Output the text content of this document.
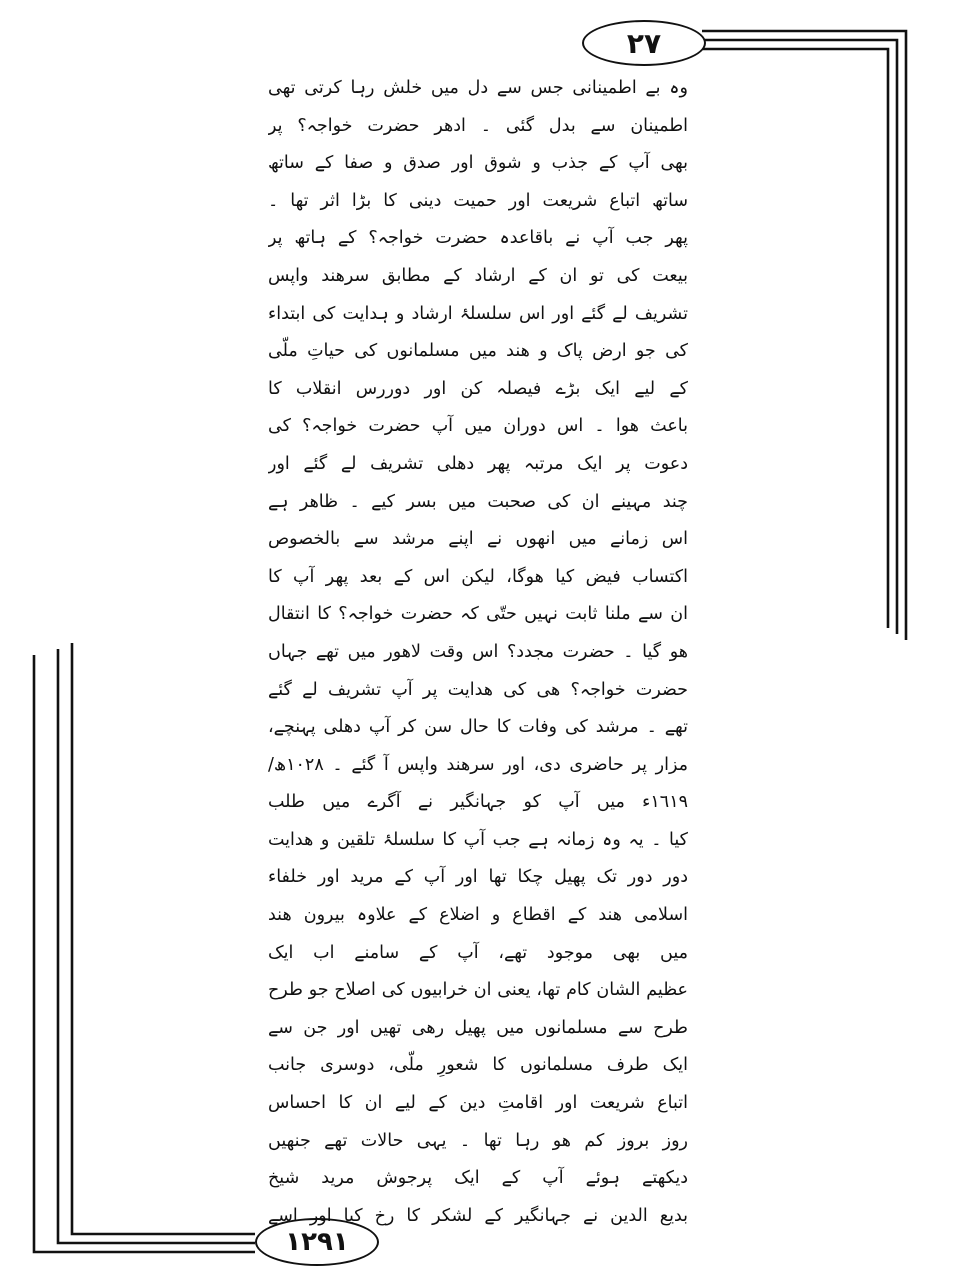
٢٧
١٢٩١
وہ بے اطمینانی جس سے دل میں خلش رہا کرتی تھی
اطمینان سے بدل گئی ۔ ادھر حضرت خواجہ؟ پر
بھی آپ کے جذب و شوق اور صدق و صفا کے ساتھ
ساتھ اتباع شریعت اور حمیت دینی کا بڑا اثر تھا ۔
پھر جب آپ نے باقاعدہ حضرت خواجہ؟ کے ہاتھ پر
بیعت کی تو ان کے ارشاد کے مطابق سرھند واپس
تشریف لے گئے اور اس سلسلۂ ارشاد و ہدایت کی ابتداء
کی جو ارض پاک و ھند میں مسلمانوں کی حیاتِ ملّی
کے لیے ایک بڑے فیصلہ کن اور دوررس انقلاب کا
باعث ھوا ۔ اس دوران میں آپ حضرت خواجہ؟ کی
دعوت پر ایک مرتبہ پھر دھلی تشریف لے گئے اور
چند مہینے ان کی صحبت میں بسر کیے ۔ ظاھر ہے
اس زمانے میں انھوں نے اپنے مرشد سے بالخصوص
اکتساب فیض کیا ھوگا، لیکن اس کے بعد پھر آپ کا
ان سے ملنا ثابت نہیں حتّی کہ حضرت خواجہ؟ کا انتقال
ھو گیا ۔ حضرت مجدد؟ اس وقت لاھور میں تھے جہاں
حضرت خواجہ؟ ھی کی ھدایت پر آپ تشریف لے گئے
تھے ۔ مرشد کی وفات کا حال سن کر آپ دھلی پہنچے،
مزار پر حاضری دی، اور سرھند واپس آ گئے ۔ ١٠٢٨ھ/
١٦١٩ء میں آپ کو جہانگیر نے آگرے میں طلب
کیا ۔ یہ وہ زمانہ ہے جب آپ کا سلسلۂ تلقین و ھدایت
دور دور تک پھیل چکا تھا اور آپ کے مرید اور خلفاء
اسلامی ھند کے اقطاع و اضلاع کے علاوہ بیرون ھند
میں بھی موجود تھے، آپ کے سامنے اب ایک
عظیم الشان کام تھا، یعنی ان خرابیوں کی اصلاح جو طرح
طرح سے مسلمانوں میں پھیل رھی تھیں اور جن سے
ایک طرف مسلمانوں کا شعورِ ملّی، دوسری جانب
اتباع شریعت اور اقامتِ دین کے لیے ان کا احساس
روز بروز کم ھو رہا تھا ۔ یہی حالات تھے جنھیں
دیکھتے ہوئے آپ کے ایک پرجوش مرید شیخ
بدیع الدین نے جہانگیر کے لشکر کا رخ کیا اور اسے
